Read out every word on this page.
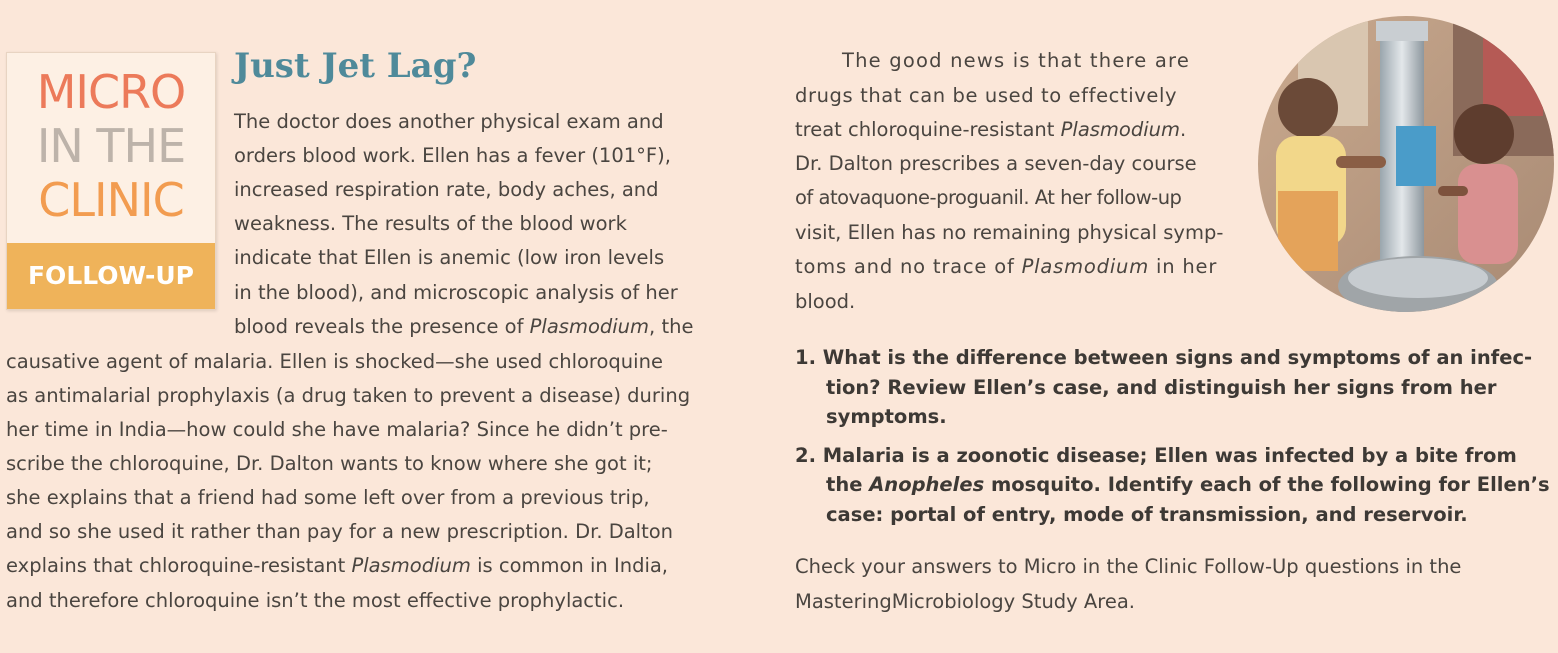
MICRO
IN THE
CLINIC
FOLLOW-UP
Just Jet Lag?
The doctor does another physical exam and
orders blood work. Ellen has a fever (101°F),
increased respiration rate, body aches, and
weakness. The results of the blood work
indicate that Ellen is anemic (low iron levels
in the blood), and microscopic analysis of her
blood reveals the presence of Plasmodium, the
causative agent of malaria. Ellen is shocked—she used chloroquine
as antimalarial prophylaxis (a drug taken to prevent a disease) during
her time in India—how could she have malaria? Since he didn’t pre-
scribe the chloroquine, Dr. Dalton wants to know where she got it;
she explains that a friend had some left over from a previous trip,
and so she used it rather than pay for a new prescription. Dr. Dalton
explains that chloroquine-resistant Plasmodium is common in India,
and therefore chloroquine isn’t the most effective prophylactic.
The good news is that there are
drugs that can be used to effectively
treat chloroquine-resistant Plasmodium.
Dr. Dalton prescribes a seven-day course
of atovaquone-proguanil. At her follow-up
visit, Ellen has no remaining physical symp-
toms and no trace of Plasmodium in her
blood.
1. What is the difference between signs and symptoms of an infec-
tion? Review Ellen’s case, and distinguish her signs from her
symptoms.
2. Malaria is a zoonotic disease; Ellen was infected by a bite from
the Anopheles mosquito. Identify each of the following for Ellen’s
case: portal of entry, mode of transmission, and reservoir.
Check your answers to Micro in the Clinic Follow-Up questions in the
MasteringMicrobiology Study Area.
